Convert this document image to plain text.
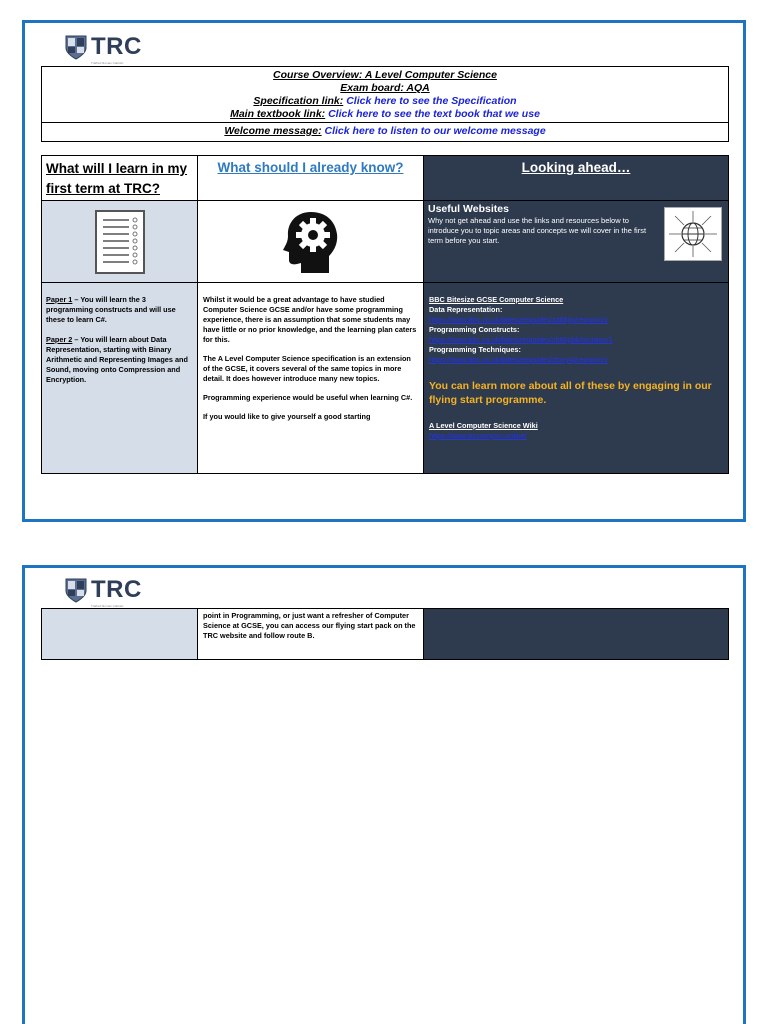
TRC
Trafford Roman Catholic
Course Overview: A Level Computer Science
Exam board: AQA
Specification link: Click here to see the Specification
Main textbook link: Click here to see the text book that we use
Welcome message: Click here to listen to our welcome message
What will I learn in my first term at TRC?
What should I already know?	Looking ahead…
Useful Websites
Why not get ahead and use the links and resources below to introduce you to topic areas and concepts we will cover in the first term before you start.

Paper 1 – You will learn the 3 programming constructs and will use these to learn C#.

Paper 2 – You will learn about Data Representation, starting with Binary Arithmetic and Representing Images and Sound, moving onto Compression and Encryption.

Whilst it would be a great advantage to have studied Computer Science GCSE and/or have some programming experience, there is an assumption that some students may have little or no prior knowledge, and the learning plan caters for this.

The A Level Computer Science specification is an extension of the GCSE, it covers several of the same topics in more detail. It does however introduce many new topics.

Programming experience would be useful when learning C#.

If you would like to give yourself a good starting

BBC Bitesize GCSE Computer Science
Data Representation:
https://www.bbc.co.uk/bitesize/guides/zd88jty/revision/1
Programming Constructs:
https://www.bbc.co.uk/bitesize/guides/zh66pbk/revision/1
Programming Techniques:
https://www.bbc.co.uk/bitesize/guides/zfnny4j/revision/1
You can learn more about all of these by engaging in our flying start programme.
A Level Computer Science Wiki
https://www.trccompsci.online/
TRC
Trafford Roman Catholic
point in Programming, or just want a refresher of Computer Science at GCSE, you can access our flying start pack on the TRC website and follow route B.
